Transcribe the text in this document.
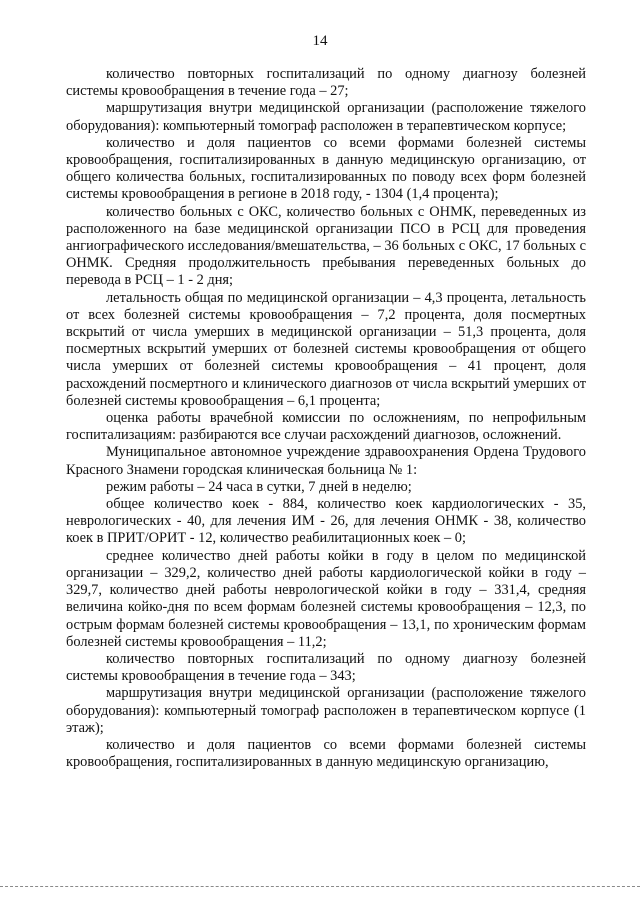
14

количество повторных госпитализаций по одному диагнозу болезней системы кровообращения в течение года – 27;

маршрутизация внутри медицинской организации (расположение тяжелого оборудования): компьютерный томограф расположен в терапевтическом корпусе;

количество и доля пациентов со всеми формами болезней системы кровообращения, госпитализированных в данную медицинскую организацию, от общего количества больных, госпитализированных по поводу всех форм болезней системы кровообращения в регионе в 2018 году, - 1304 (1,4 процента);

количество больных с ОКС, количество больных с ОНМК, переведенных из расположенного на базе медицинской организации ПСО в РСЦ для проведения ангиографического исследования/вмешательства, – 36 больных с ОКС, 17 больных с ОНМК. Средняя продолжительность пребывания переведенных больных до перевода в РСЦ – 1 - 2 дня;

летальность общая по медицинской организации – 4,3 процента, летальность от всех болезней системы кровообращения – 7,2 процента, доля посмертных вскрытий от числа умерших в медицинской организации – 51,3 процента, доля посмертных вскрытий умерших от болезней системы кровообращения от общего числа умерших от болезней системы кровообращения – 41 процент, доля расхождений посмертного и клинического диагнозов от числа вскрытий умерших от болезней системы кровообращения – 6,1 процента;

оценка работы врачебной комиссии по осложнениям, по непрофильным госпитализациям: разбираются все случаи расхождений диагнозов, осложнений.

Муниципальное автономное учреждение здравоохранения Ордена Трудового Красного Знамени городская клиническая больница № 1:

режим работы – 24 часа в сутки, 7 дней в неделю;

общее количество коек - 884, количество коек кардиологических - 35, неврологических - 40, для лечения ИМ - 26, для лечения ОНМК - 38, количество коек в ПРИТ/ОРИТ - 12, количество реабилитационных коек – 0;

среднее количество дней работы койки в году в целом по медицинской организации – 329,2, количество дней работы кардиологической койки в году – 329,7, количество дней работы неврологической койки в году – 331,4, средняя величина койко-дня по всем формам болезней системы кровообращения – 12,3, по острым формам болезней системы кровообращения – 13,1, по хроническим формам болезней системы кровообращения – 11,2;

количество повторных госпитализаций по одному диагнозу болезней системы кровообращения в течение года – 343;

маршрутизация внутри медицинской организации (расположение тяжелого оборудования): компьютерный томограф расположен в терапевтическом корпусе (1 этаж);

количество и доля пациентов со всеми формами болезней системы кровообращения, госпитализированных в данную медицинскую организацию,
